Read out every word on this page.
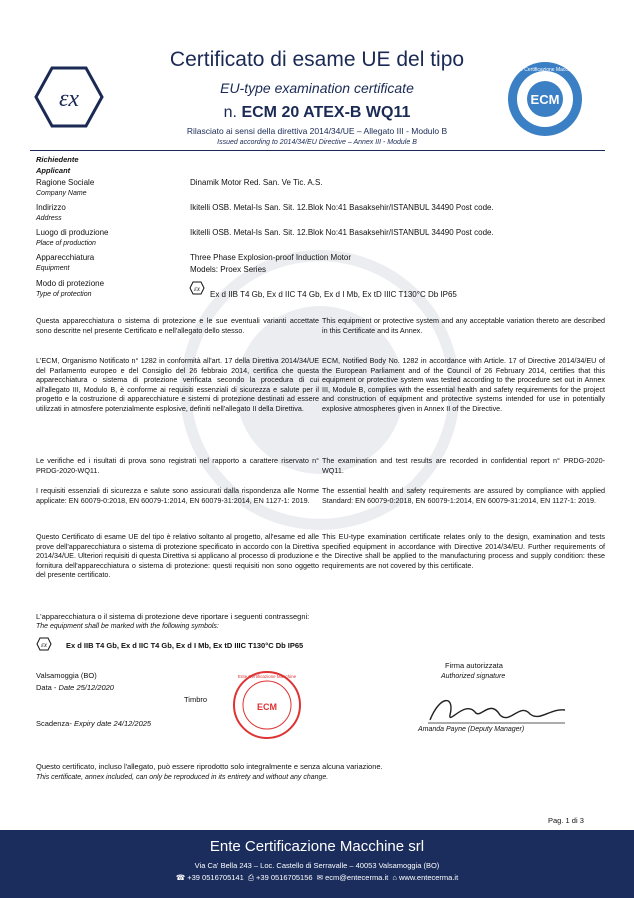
εx	ECM
Ente Certificazione Macchine
Certificato di esame UE del tipo
EU-type examination certificate
n. ECM 20 ATEX-B WQ11
Rilasciato ai sensi della direttiva 2014/34/UE – Allegato III - Modulo B
Issued according to 2014/34/EU Directive – Annex III - Module B
Richiedente
Applicant
Ragione Sociale
Company Name
Dinamik Motor Red. San. Ve Tic. A.S.
Indirizzo
Address
Ikitelli OSB. Metal-Is San. Sit. 12.Blok No:41 Basaksehir/ISTANBUL 34490 Post code.
Luogo di produzione
Place of production
Ikitelli OSB. Metal-Is San. Sit. 12.Blok No:41 Basaksehir/ISTANBUL 34490 Post code.
Apparecchiatura
Equipment
Three Phase Explosion-proof Induction Motor
Models: Proex Series
Modo di protezione
Type of protection
εx
Ex d IIB T4 Gb, Ex d IIC T4 Gb, Ex d I Mb, Ex tD IIIC T130°C Db IP65
Questa apparecchiatura o sistema di protezione e le sue eventuali varianti accettate sono descritte nel presente Certificato e nell'allegato dello stesso.
This equipment or protective system and any acceptable variation thereto are described in this Certificate and its Annex.
L'ECM, Organismo Notificato n° 1282 in conformità all'art. 17 della Direttiva 2014/34/UE del Parlamento europeo e del Consiglio del 26 febbraio 2014, certifica che questa apparecchiatura o sistema di protezione verificata secondo la procedura di cui all'allegato III, Modulo B, è conforme ai requisiti essenziali di sicurezza e salute per il progetto e la costruzione di apparecchiature e sistemi di protezione destinati ad essere utilizzati in atmosfere potenzialmente esplosive, definiti nell'allegato II della Direttiva.
ECM, Notified Body No. 1282 in accordance with Article. 17 of Directive 2014/34/EU of the European Parliament and of the Council of 26 February 2014, certifies that this equipment or protective system was tested according to the procedure set out in Annex III, Module B, complies with the essential health and safety requirements for the project and construction of equipment and protective systems intended for use in potentially explosive atmospheres given in Annex II of the Directive.
Le verifiche ed i risultati di prova sono registrati nel rapporto a carattere riservato n° PRDG-2020-WQ11.
The examination and test results are recorded in confidential report n° PRDG-2020-WQ11.
I requisiti essenziali di sicurezza e salute sono assicurati dalla rispondenza alle Norme applicate: EN 60079-0:2018, EN 60079-1:2014, EN 60079-31:2014, EN 1127-1: 2019.
The essential health and safety requirements are assured by compliance with applied Standard: EN 60079-0:2018, EN 60079-1:2014, EN 60079-31:2014, EN 1127-1: 2019.
Questo Certificato di esame UE del tipo è relativo soltanto al progetto, all'esame ed alle prove dell'apparecchiatura o sistema di protezione specificato in accordo con la Direttiva 2014/34/UE. Ulteriori requisiti di questa Direttiva si applicano al processo di produzione e fornitura dell'apparecchiatura o sistema di protezione: questi requisiti non sono oggetto del presente certificato.
This EU-type examination certificate relates only to the design, examination and tests specified equipment in accordance with Directive 2014/34/EU. Further requirements of the Directive shall be applied to the manufacturing process and supply condition: these requirements are not covered by this certificate.
L'apparecchiatura o il sistema di protezione deve riportare i seguenti contrassegni:
The equipment shall be marked with the following symbols:
εx	Ex d IIB T4 Gb, Ex d IIC T4 Gb, Ex d I Mb, Ex tD IIIC T130°C Db IP65
Valsamoggia (BO)
Data - Date 25/12/2020
Timbro
Scadenza- Expiry date 24/12/2025
ECM
Ente Certificazione Macchine
Firma autorizzata
Authorized signature
Amanda Payne (Deputy Manager)
Questo certificato, incluso l'allegato, può essere riprodotto solo integralmente e senza alcuna variazione.
This certificate, annex included, can only be reproduced in its entirety and without any change.
Pag. 1 di 3
Ente Certificazione Macchine srl
Via Ca' Bella 243 – Loc. Castello di Serravalle – 40053 Valsamoggia (BO)
☎ +39 0516705141 ⎙ +39 0516705156 ✉ ecm@entecerma.it ⌂ www.entecerma.it
